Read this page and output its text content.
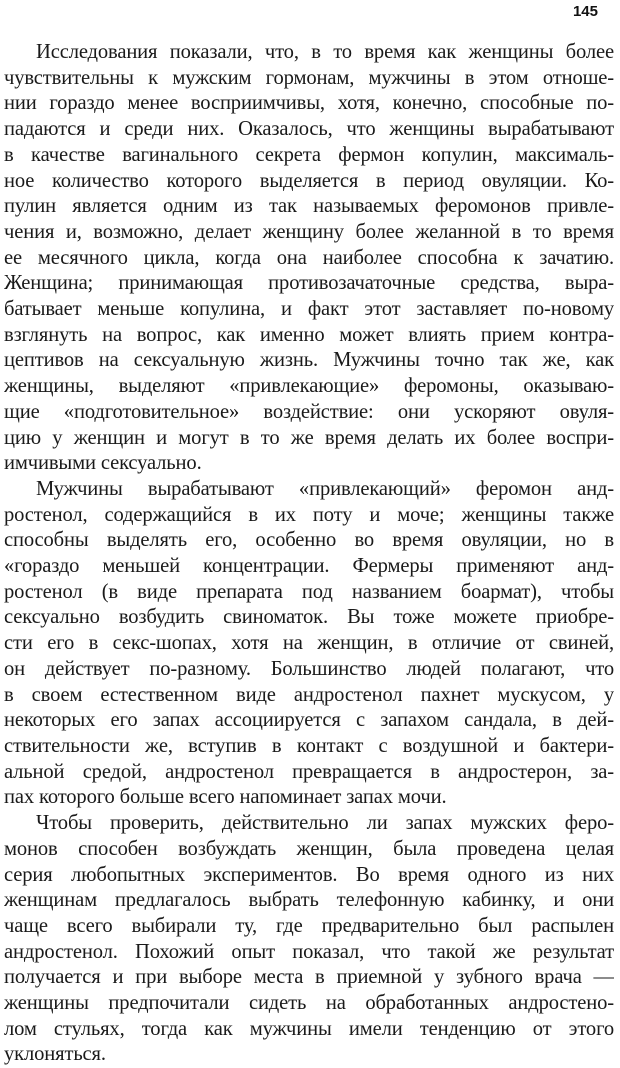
145
Исследования показали, что, в то время как женщины более
чувствительны к мужским гормонам, мужчины в этом отноше-
нии гораздо менее восприимчивы, хотя, конечно, способные по-
падаются и среди них. Оказалось, что женщины вырабатывают
в качестве вагинального секрета фермон копулин, максималь-
ное количество которого выделяется в период овуляции. Ко-
пулин является одним из так называемых феромонов привле-
чения и, возможно, делает женщину более желанной в то время
ее месячного цикла, когда она наиболее способна к зачатию.
Женщина; принимающая противозачаточные средства, выра-
батывает меньше копулина, и факт этот заставляет по-новому
взглянуть на вопрос, как именно может влиять прием контра-
цептивов на сексуальную жизнь. Мужчины точно так же, как
женщины, выделяют «привлекающие» феромоны, оказываю-
щие «подготовительное» воздействие: они ускоряют овуля-
цию у женщин и могут в то же время делать их более воспри-
имчивыми сексуально.
Мужчины вырабатывают «привлекающий» феромон анд-
ростенол, содержащийся в их поту и моче; женщины также
способны выделять его, особенно во время овуляции, но в
«гораздо меньшей концентрации. Фермеры применяют анд-
ростенол (в виде препарата под названием боармат), чтобы
сексуально возбудить свиноматок. Вы тоже можете приобре-
сти его в секс-шопах, хотя на женщин, в отличие от свиней,
он действует по-разному. Большинство людей полагают, что
в своем естественном виде андростенол пахнет мускусом, у
некоторых его запах ассоциируется с запахом сандала, в дей-
ствительности же, вступив в контакт с воздушной и бактери-
альной средой, андростенол превращается в андростерон, за-
пах которого больше всего напоминает запах мочи.
Чтобы проверить, действительно ли запах мужских феро-
монов способен возбуждать женщин, была проведена целая
серия любопытных экспериментов. Во время одного из них
женщинам предлагалось выбрать телефонную кабинку, и они
чаще всего выбирали ту, где предварительно был распылен
андростенол. Похожий опыт показал, что такой же результат
получается и при выборе места в приемной у зубного врача —
женщины предпочитали сидеть на обработанных андростено-
лом стульях, тогда как мужчины имели тенденцию от этого
уклоняться.
